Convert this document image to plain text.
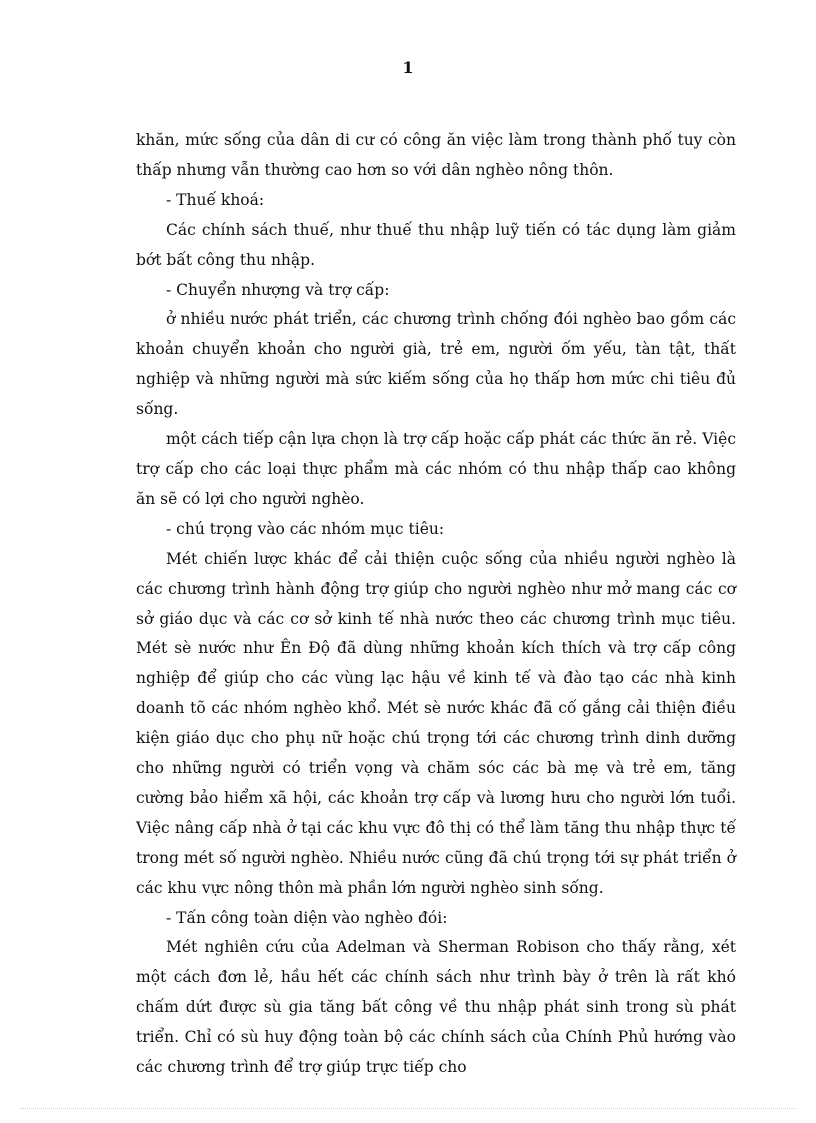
1

khăn, mức sống của dân di cư có công ăn việc làm trong thành phố tuy còn thấp nhưng vẫn thường cao hơn so với dân nghèo nông thôn.

- Thuế khoá:

Các chính sách thuế, như thuế thu nhập luỹ tiến có tác dụng làm giảm bớt bất công thu nhập.

- Chuyển nhượng và trợ cấp:

ở nhiều nước phát triển, các chương trình chống đói nghèo bao gồm các khoản chuyển khoản cho người già, trẻ em, người ốm yếu, tàn tật, thất nghiệp và những người mà sức kiếm sống của họ thấp hơn mức chi tiêu đủ sống.

một cách tiếp cận lựa chọn là trợ cấp hoặc cấp phát các thức ăn rẻ. Việc trợ cấp cho các loại thực phẩm mà các nhóm có thu nhập thấp cao không ăn sẽ có lợi cho người nghèo.

- chú trọng vào các nhóm mục tiêu:

Mét chiến lược khác để cải thiện cuộc sống của nhiều người nghèo là các chương trình hành động trợ giúp cho người nghèo như mở mang các cơ sở giáo dục và các cơ sở kinh tế nhà nước theo các chương trình mục tiêu. Mét sè nước như Ên Độ đã dùng những khoản kích thích và trợ cấp công nghiệp để giúp cho các vùng lạc hậu về kinh tế và đào tạo các nhà kinh doanh tõ các nhóm nghèo khổ. Mét sè nước khác đã cố gắng cải thiện điều kiện giáo dục cho phụ nữ hoặc chú trọng tới các chương trình dinh dưỡng cho những người có triển vọng và chăm sóc các bà mẹ và trẻ em, tăng cường bảo hiểm xã hội, các khoản trợ cấp và lương hưu cho người lớn tuổi. Việc nâng cấp nhà ở tại các khu vực đô thị có thể làm tăng thu nhập thực tế trong mét số người nghèo. Nhiều nước cũng đã chú trọng tới sự phát triển ở các khu vực nông thôn mà phần lớn người nghèo sinh sống.

- Tấn công toàn diện vào nghèo đói:

Mét nghiên cứu của Adelman và Sherman Robison cho thấy rằng, xét một cách đơn lẻ, hầu hết các chính sách như trình bày ở trên là rất khó chấm dứt được sù gia tăng bất công về thu nhập phát sinh trong sù phát triển. Chỉ có sù huy động toàn bộ các chính sách của Chính Phủ hướng vào các chương trình để trợ giúp trực tiếp cho
